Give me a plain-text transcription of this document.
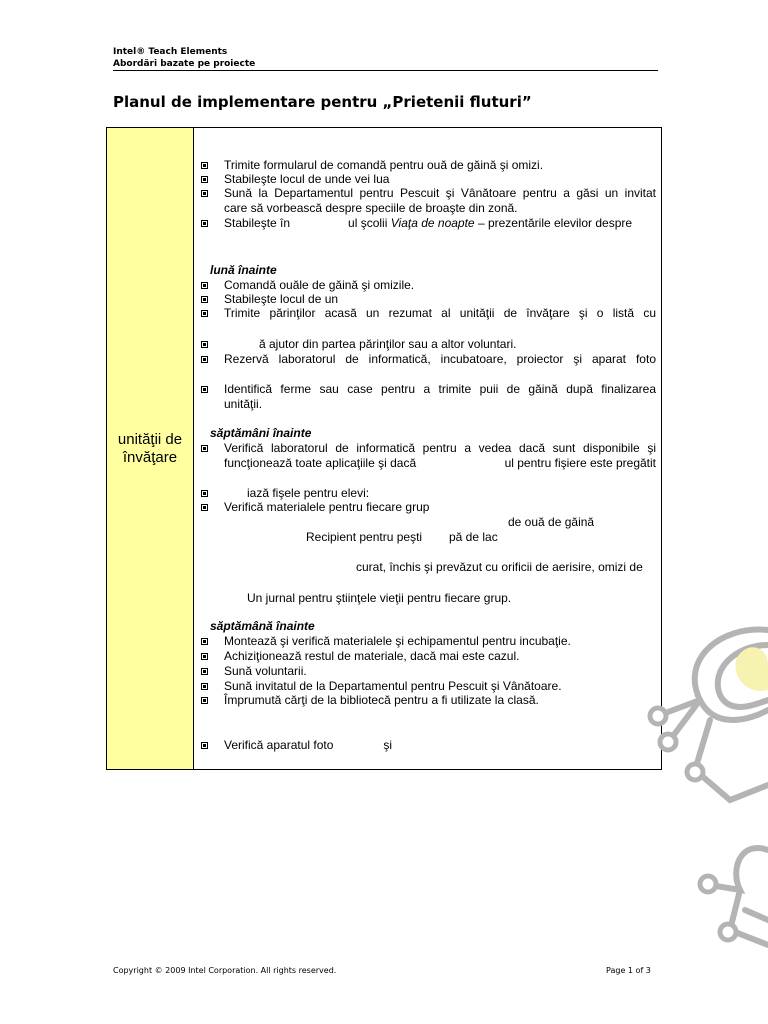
Intel® Teach Elements
Abordări bazate pe proiecte
Planul de implementare pentru „Prietenii fluturi”
unităţii de
învăţare
Trimite formularul de comandă pentru ouă de găină şi omizi.
Stabileşte locul de unde vei lua
Sună la Departamentul pentru Pescuit şi Vânătoare pentru a găsi un invitat
care să vorbească despre speciile de broaşte din zonă.
Stabileşte în	ul şcolii Viaţa de noapte – prezentările elevilor despre
lună înainte
Comandă ouăle de găină şi omizile.
Stabileşte locul de un
Trimite părinţilor acasă un rezumat al unităţii de învăţare şi o listă cu
ă ajutor din partea părinţilor sau a altor voluntari.
Rezervă laboratorul de informatică, incubatoare, proiector şi aparat foto
Identifică ferme sau case pentru a trimite puii de găină după finalizarea
unităţii.
săptămâni înainte
Verifică laboratorul de informatică pentru a vedea dacă sunt disponibile şi
funcţionează toate aplicaţiile şi dacă	ul pentru fişiere este pregătit
iază fişele pentru elevi:
Verifică materialele pentru fiecare grup
de ouă de găină
Recipient pentru peşti pă de lac
curat, închis şi prevăzut cu orificii de aerisire, omizi de
Un jurnal pentru ştiinţele vieţii pentru fiecare grup.
săptămână înainte
Montează şi verifică materialele şi echipamentul pentru incubaţie.
Achiziţionează restul de materiale, dacă mai este cazul.
Sună voluntarii.
Sună invitatul de la Departamentul pentru Pescuit şi Vânătoare.
Împrumută cărţi de la bibliotecă pentru a fi utilizate la clasă.
Verifică aparatul foto	şi
Copyright © 2009 Intel Corporation. All rights reserved.	Page 1 of 3
